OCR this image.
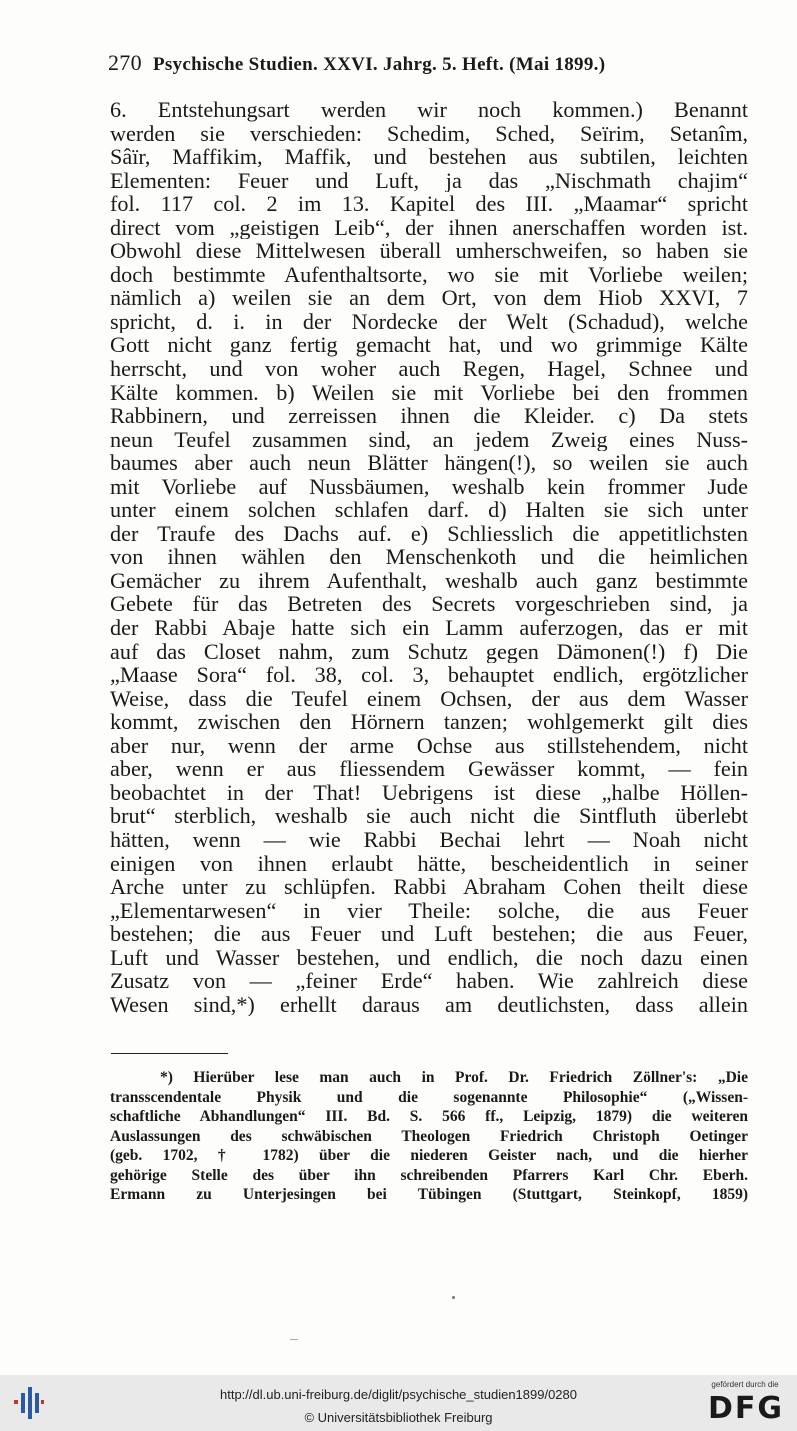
270 Psychische Studien. XXVI. Jahrg. 5. Heft. (Mai 1899.)
6. Entstehungsart werden wir noch kommen.) Benannt
werden sie verschieden: Schedim, Sched, Seïrim, Setanîm,
Sâïr, Maffikim, Maffik, und bestehen aus subtilen, leichten
Elementen: Feuer und Luft, ja das „Nischmath chajim“
fol. 117 col. 2 im 13. Kapitel des III. „Maamar“ spricht
direct vom „geistigen Leib“, der ihnen anerschaffen worden ist.
Obwohl diese Mittelwesen überall umherschweifen, so haben sie
doch bestimmte Aufenthaltsorte, wo sie mit Vorliebe weilen;
nämlich a) weilen sie an dem Ort, von dem Hiob XXVI, 7
spricht, d. i. in der Nordecke der Welt (Schadud), welche
Gott nicht ganz fertig gemacht hat, und wo grimmige Kälte
herrscht, und von woher auch Regen, Hagel, Schnee und
Kälte kommen. b) Weilen sie mit Vorliebe bei den frommen
Rabbinern, und zerreissen ihnen die Kleider. c) Da stets
neun Teufel zusammen sind, an jedem Zweig eines Nuss-
baumes aber auch neun Blätter hängen(!), so weilen sie auch
mit Vorliebe auf Nussbäumen, weshalb kein frommer Jude
unter einem solchen schlafen darf. d) Halten sie sich unter
der Traufe des Dachs auf. e) Schliesslich die appetitlichsten
von ihnen wählen den Menschenkoth und die heimlichen
Gemächer zu ihrem Aufenthalt, weshalb auch ganz bestimmte
Gebete für das Betreten des Secrets vorgeschrieben sind, ja
der Rabbi Abaje hatte sich ein Lamm auferzogen, das er mit
auf das Closet nahm, zum Schutz gegen Dämonen(!) f) Die
„Maase Sora“ fol. 38, col. 3, behauptet endlich, ergötzlicher
Weise, dass die Teufel einem Ochsen, der aus dem Wasser
kommt, zwischen den Hörnern tanzen; wohlgemerkt gilt dies
aber nur, wenn der arme Ochse aus stillstehendem, nicht
aber, wenn er aus fliessendem Gewässer kommt, — fein
beobachtet in der That! Uebrigens ist diese „halbe Höllen-
brut“ sterblich, weshalb sie auch nicht die Sintfluth überlebt
hätten, wenn — wie Rabbi Bechai lehrt — Noah nicht
einigen von ihnen erlaubt hätte, bescheidentlich in seiner
Arche unter zu schlüpfen. Rabbi Abraham Cohen theilt diese
„Elementarwesen“ in vier Theile: solche, die aus Feuer
bestehen; die aus Feuer und Luft bestehen; die aus Feuer,
Luft und Wasser bestehen, und endlich, die noch dazu einen
Zusatz von — „feiner Erde“ haben. Wie zahlreich diese
Wesen sind,*) erhellt daraus am deutlichsten, dass allein
*) Hierüber lese man auch in Prof. Dr. Friedrich Zöllner's: „Die
transscendentale Physik und die sogenannte Philosophie“ („Wissen-
schaftliche Abhandlungen“ III. Bd. S. 566 ff., Leipzig, 1879) die weiteren
Auslassungen des schwäbischen Theologen Friedrich Christoph Oetinger
(geb. 1702, † 1782) über die niederen Geister nach, und die hierher
gehörige Stelle des über ihn schreibenden Pfarrers Karl Chr. Eberh.
Ermann zu Unterjesingen bei Tübingen (Stuttgart, Steinkopf, 1859)
http://dl.ub.uni-freiburg.de/diglit/psychische_studien1899/0280
© Universitätsbibliothek Freiburg
gefördert durch die
DFG
